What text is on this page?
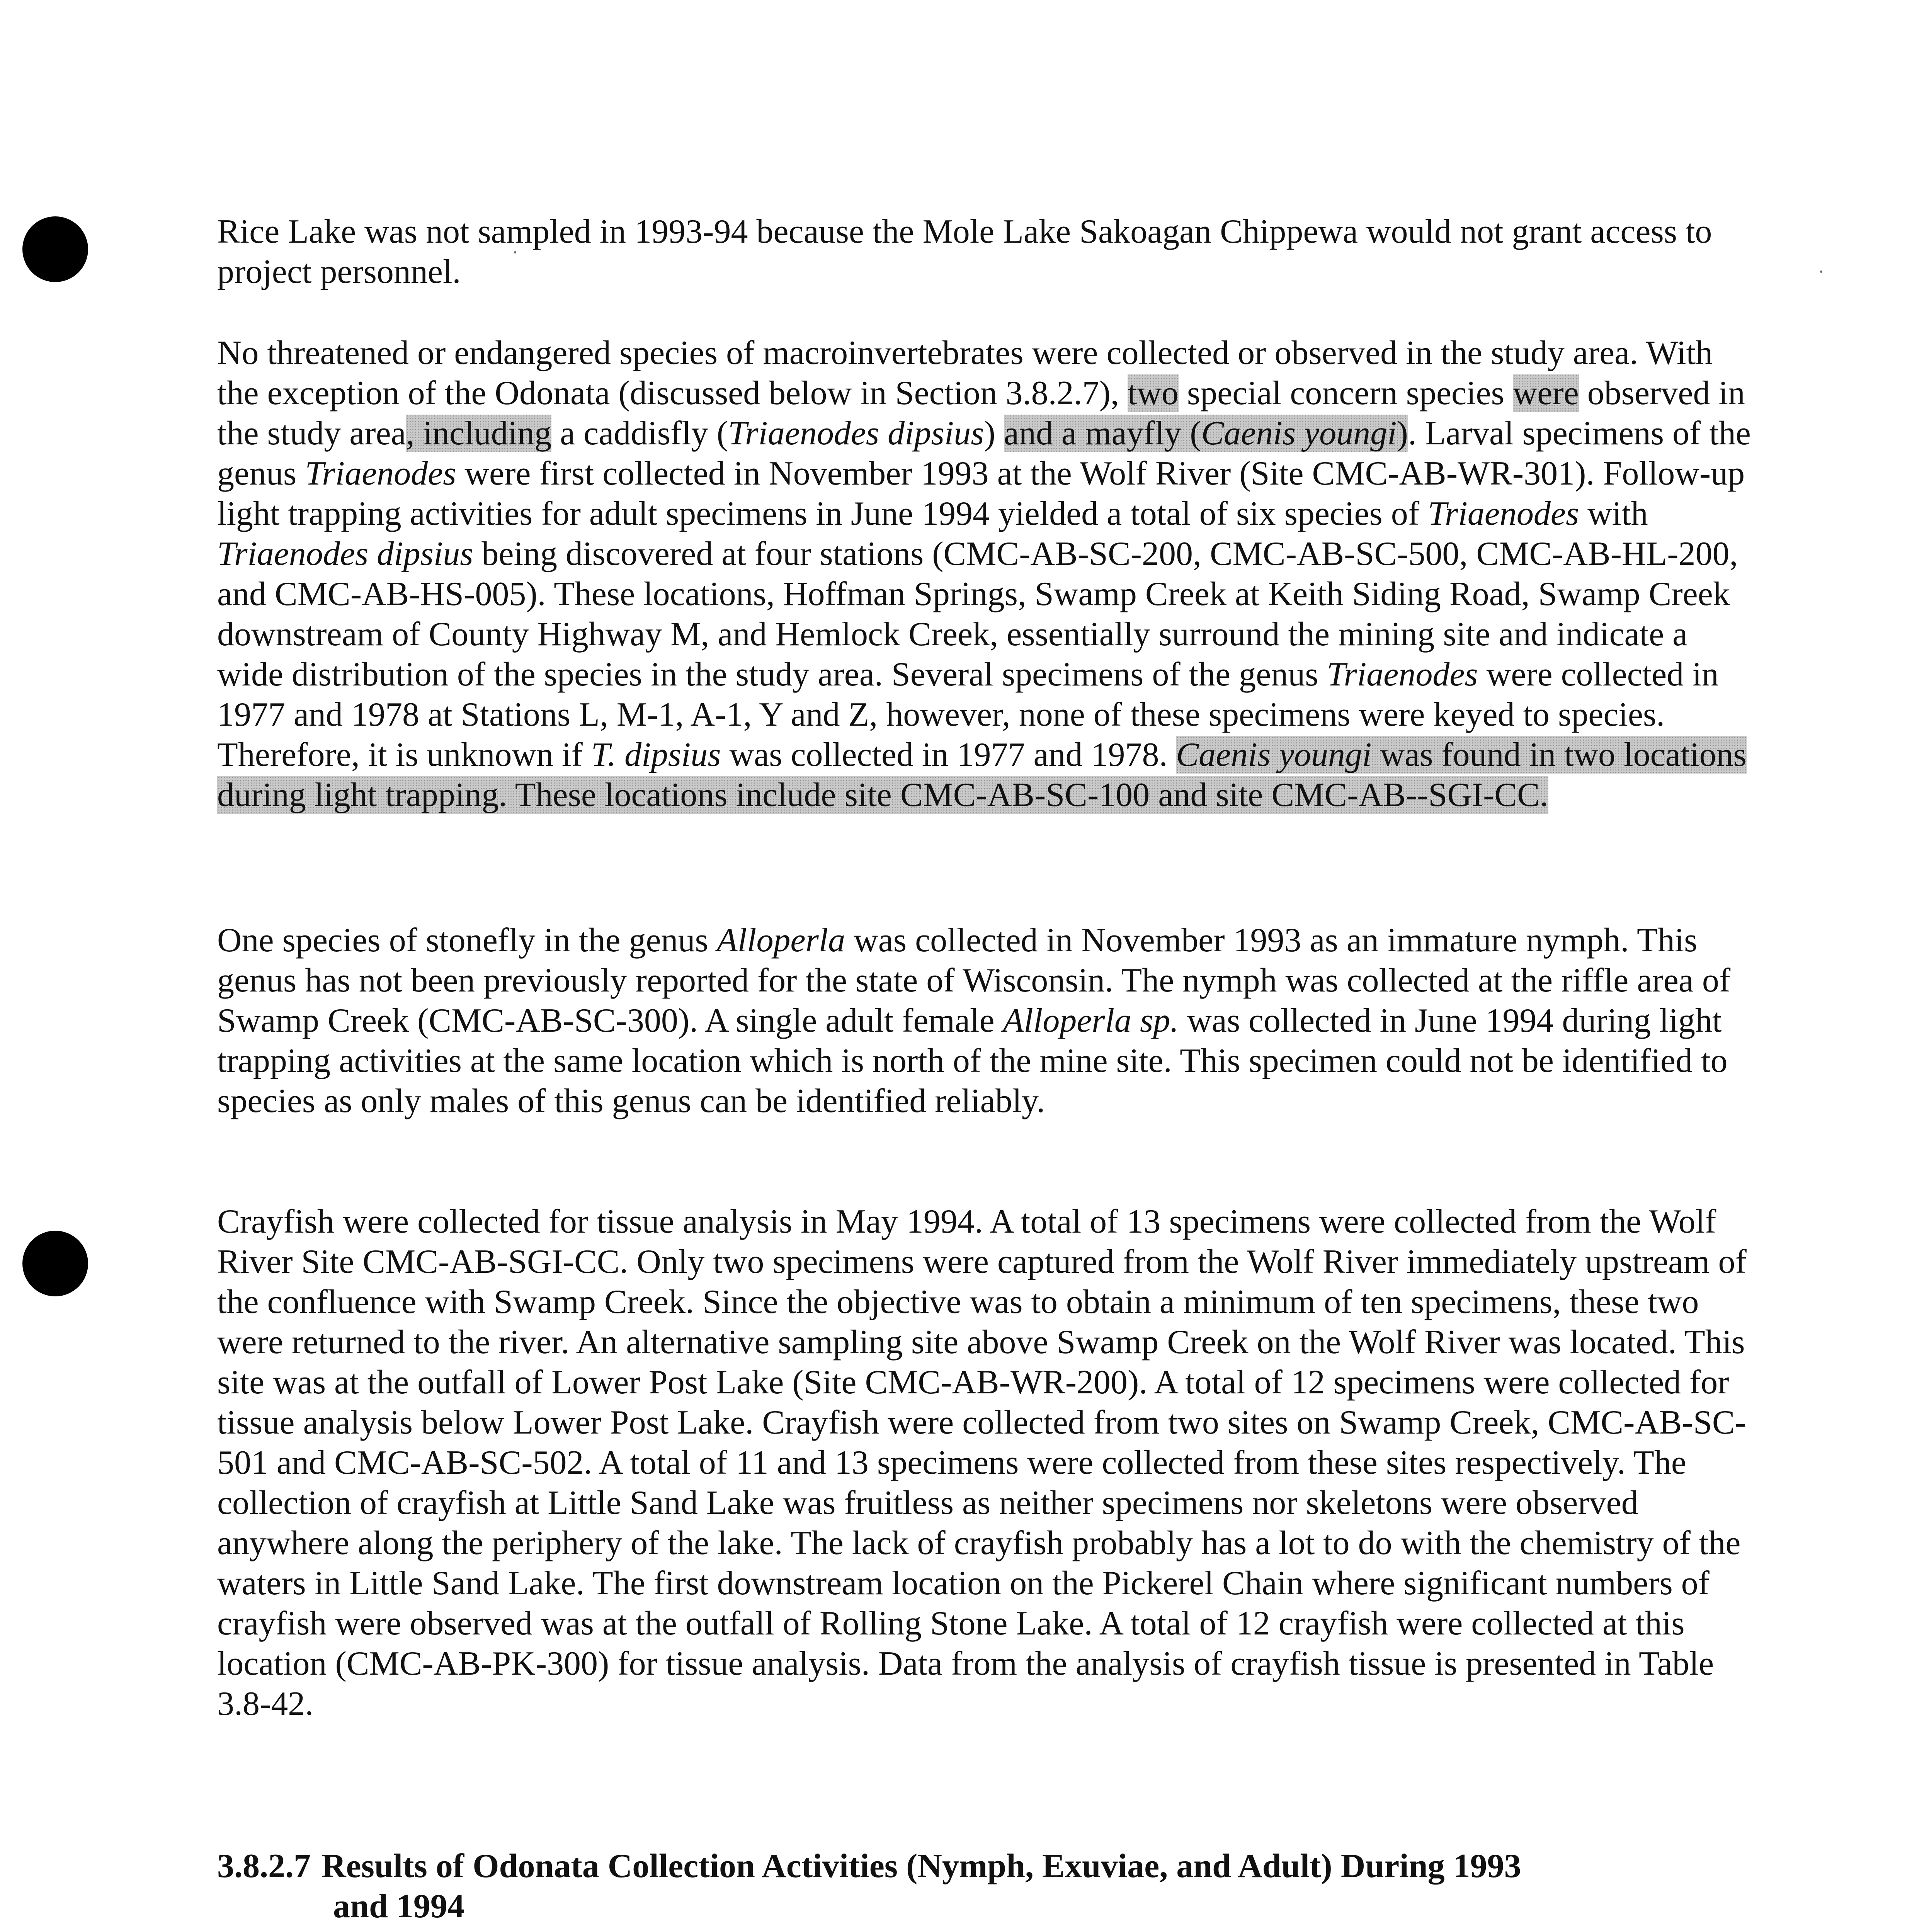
Rice Lake was not sampled in 1993-94 because the Mole Lake Sakoagan Chippewa would not grant access to project personnel.

No threatened or endangered species of macroinvertebrates were collected or observed in the study area. With the exception of the Odonata (discussed below in Section 3.8.2.7), two special concern species were observed in the study area, including a caddisfly (Triaenodes dipsius) and a mayfly (Caenis youngi). Larval specimens of the genus Triaenodes were first collected in November 1993 at the Wolf River (Site CMC-AB-WR-301). Follow-up light trapping activities for adult specimens in June 1994 yielded a total of six species of Triaenodes with Triaenodes dipsius being discovered at four stations (CMC-AB-SC-200, CMC-AB-SC-500, CMC-AB-HL-200, and CMC-AB-HS-005). These locations, Hoffman Springs, Swamp Creek at Keith Siding Road, Swamp Creek downstream of County Highway M, and Hemlock Creek, essentially surround the mining site and indicate a wide distribution of the species in the study area. Several specimens of the genus Triaenodes were collected in 1977 and 1978 at Stations L, M-1, A-1, Y and Z, however, none of these specimens were keyed to species. Therefore, it is unknown if T. dipsius was collected in 1977 and 1978. Caenis youngi was found in two locations during light trapping. These locations include site CMC-AB-SC-100 and site CMC-AB--SGI-CC.

One species of stonefly in the genus Alloperla was collected in November 1993 as an immature nymph. This genus has not been previously reported for the state of Wisconsin. The nymph was collected at the riffle area of Swamp Creek (CMC-AB-SC-300). A single adult female Alloperla sp. was collected in June 1994 during light trapping activities at the same location which is north of the mine site. This specimen could not be identified to species as only males of this genus can be identified reliably.

Crayfish were collected for tissue analysis in May 1994. A total of 13 specimens were collected from the Wolf River Site CMC-AB-SGI-CC. Only two specimens were captured from the Wolf River immediately upstream of the confluence with Swamp Creek. Since the objective was to obtain a minimum of ten specimens, these two were returned to the river. An alternative sampling site above Swamp Creek on the Wolf River was located. This site was at the outfall of Lower Post Lake (Site CMC-AB-WR-200). A total of 12 specimens were collected for tissue analysis below Lower Post Lake. Crayfish were collected from two sites on Swamp Creek, CMC-AB-SC-501 and CMC-AB-SC-502. A total of 11 and 13 specimens were collected from these sites respectively. The collection of crayfish at Little Sand Lake was fruitless as neither specimens nor skeletons were observed anywhere along the periphery of the lake. The lack of crayfish probably has a lot to do with the chemistry of the waters in Little Sand Lake. The first downstream location on the Pickerel Chain where significant numbers of crayfish were observed was at the outfall of Rolling Stone Lake. A total of 12 crayfish were collected at this location (CMC-AB-PK-300) for tissue analysis. Data from the analysis of crayfish tissue is presented in Table 3.8-42.

3.8.2.7 Results of Odonata Collection Activities (Nymph, Exuviae, and Adult) During 1993
and 1994
